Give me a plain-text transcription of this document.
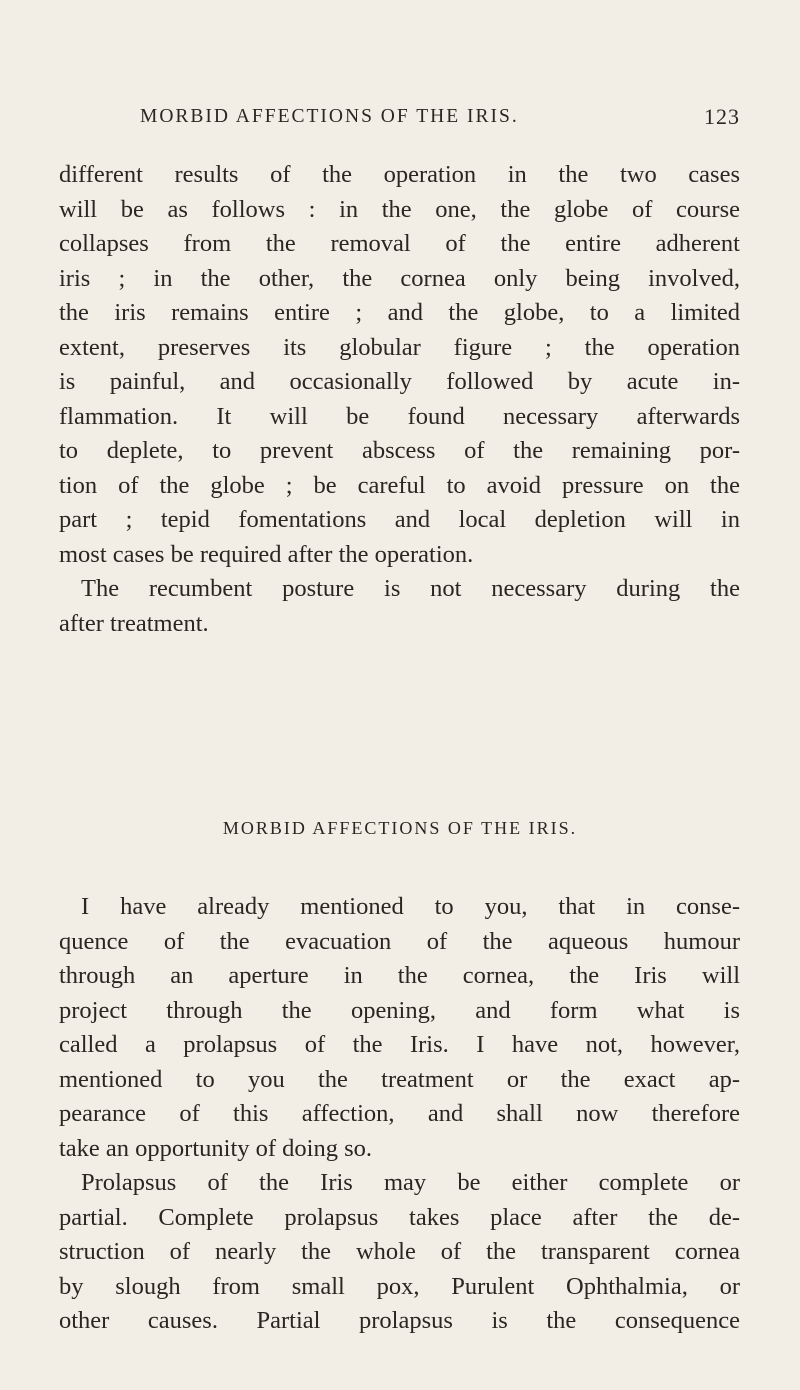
MORBID AFFECTIONS OF THE IRIS.	123
different results of the operation in the two cases
will be as follows : in the one, the globe of course
collapses from the removal of the entire adherent
iris ; in the other, the cornea only being involved,
the iris remains entire ; and the globe, to a limited
extent, preserves its globular figure ; the operation
is painful, and occasionally followed by acute in-
flammation. It will be found necessary afterwards
to deplete, to prevent abscess of the remaining por-
tion of the globe ; be careful to avoid pressure on the
part ; tepid fomentations and local depletion will in
most cases be required after the operation.
The recumbent posture is not necessary during the
after treatment.
MORBID AFFECTIONS OF THE IRIS.
I have already mentioned to you, that in conse-
quence of the evacuation of the aqueous humour
through an aperture in the cornea, the Iris will
project through the opening, and form what is
called a prolapsus of the Iris. I have not, however,
mentioned to you the treatment or the exact ap-
pearance of this affection, and shall now therefore
take an opportunity of doing so.
Prolapsus of the Iris may be either complete or
partial. Complete prolapsus takes place after the de-
struction of nearly the whole of the transparent cornea
by slough from small pox, Purulent Ophthalmia, or
other causes. Partial prolapsus is the consequence
